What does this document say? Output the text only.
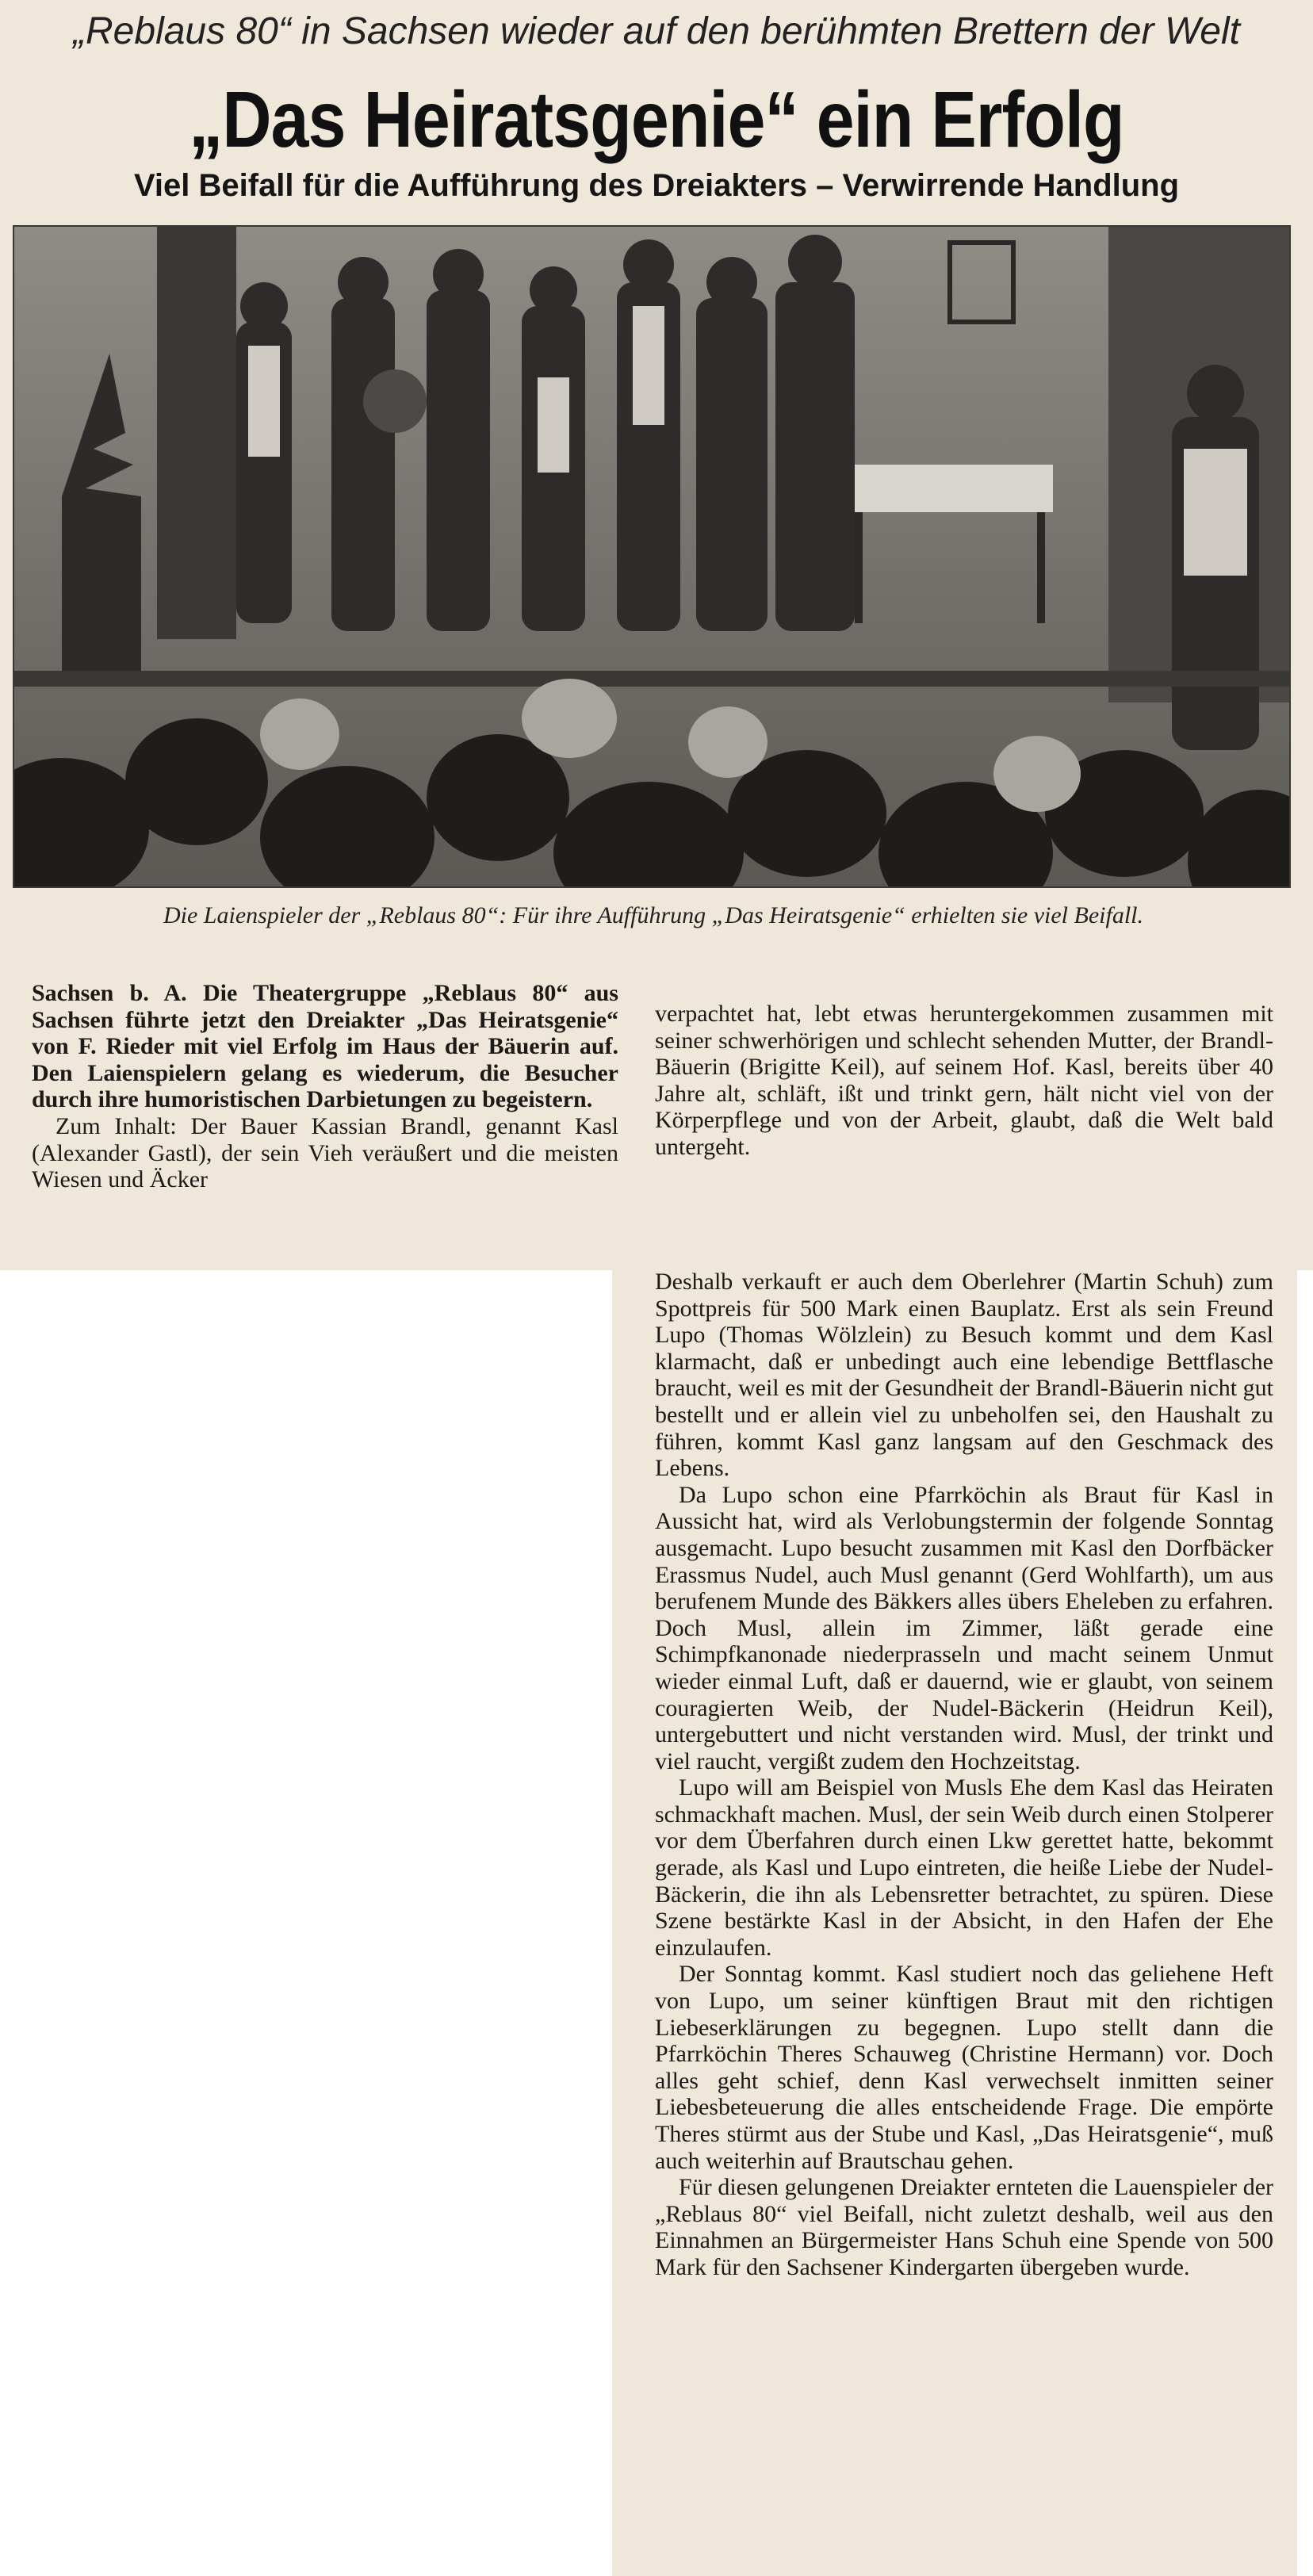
„Reblaus 80“ in Sachsen wieder auf den berühmten Brettern der Welt
„Das Heiratsgenie“ ein Erfolg
Viel Beifall für die Aufführung des Dreiakters – Verwirrende Handlung
Die Laienspieler der „Reblaus 80“: Für ihre Aufführung „Das Heiratsgenie“ erhielten sie viel Beifall.

Sachsen b. A. Die Theatergruppe „Reblaus 80“ aus Sachsen führte jetzt den Dreiakter „Das Heiratsgenie“ von F. Rieder mit viel Erfolg im Haus der Bäuerin auf. Den Laienspielern gelang es wiederum, die Besucher durch ihre humoristischen Darbietungen zu begeistern.

Zum Inhalt: Der Bauer Kassian Brandl, genannt Kasl (Alexander Gastl), der sein Vieh veräußert und die meisten Wiesen und Äcker

verpachtet hat, lebt etwas heruntergekommen zusammen mit seiner schwerhörigen und schlecht sehenden Mutter, der Brandl-Bäuerin (Brigitte Keil), auf seinem Hof. Kasl, bereits über 40 Jahre alt, schläft, ißt und trinkt gern, hält nicht viel von der Körperpflege und von der Arbeit, glaubt, daß die Welt bald untergeht.

Deshalb verkauft er auch dem Oberlehrer (Martin Schuh) zum Spottpreis für 500 Mark einen Bauplatz. Erst als sein Freund Lupo (Thomas Wölzlein) zu Besuch kommt und dem Kasl klarmacht, daß er unbedingt auch eine lebendige Bettflasche braucht, weil es mit der Gesundheit der Brandl-Bäuerin nicht gut bestellt und er allein viel zu unbeholfen sei, den Haushalt zu führen, kommt Kasl ganz langsam auf den Geschmack des Lebens.

Da Lupo schon eine Pfarrköchin als Braut für Kasl in Aussicht hat, wird als Verlobungstermin der folgende Sonntag ausgemacht. Lupo besucht zusammen mit Kasl den Dorfbäcker Erassmus Nudel, auch Musl genannt (Gerd Wohlfarth), um aus berufenem Munde des Bäkkers alles übers Eheleben zu erfahren. Doch Musl, allein im Zimmer, läßt gerade eine Schimpfkanonade niederprasseln und macht seinem Unmut wieder einmal Luft, daß er dauernd, wie er glaubt, von seinem couragierten Weib, der Nudel-Bäckerin (Heidrun Keil), untergebuttert und nicht verstanden wird. Musl, der trinkt und viel raucht, vergißt zudem den Hochzeitstag.

Lupo will am Beispiel von Musls Ehe dem Kasl das Heiraten schmackhaft machen. Musl, der sein Weib durch einen Stolperer vor dem Überfahren durch einen Lkw gerettet hatte, bekommt gerade, als Kasl und Lupo eintreten, die heiße Liebe der Nudel-Bäckerin, die ihn als Lebensretter betrachtet, zu spüren. Diese Szene bestärkte Kasl in der Absicht, in den Hafen der Ehe einzulaufen.

Der Sonntag kommt. Kasl studiert noch das geliehene Heft von Lupo, um seiner künftigen Braut mit den richtigen Liebeserklärungen zu begegnen. Lupo stellt dann die Pfarrköchin Theres Schauweg (Christine Hermann) vor. Doch alles geht schief, denn Kasl verwechselt inmitten seiner Liebesbeteuerung die alles entscheidende Frage. Die empörte Theres stürmt aus der Stube und Kasl, „Das Heiratsgenie“, muß auch weiterhin auf Brautschau gehen.

Für diesen gelungenen Dreiakter ernteten die Lauenspieler der „Reblaus 80“ viel Beifall, nicht zuletzt deshalb, weil aus den Einnahmen an Bürgermeister Hans Schuh eine Spende von 500 Mark für den Sachsener Kindergarten übergeben wurde.
